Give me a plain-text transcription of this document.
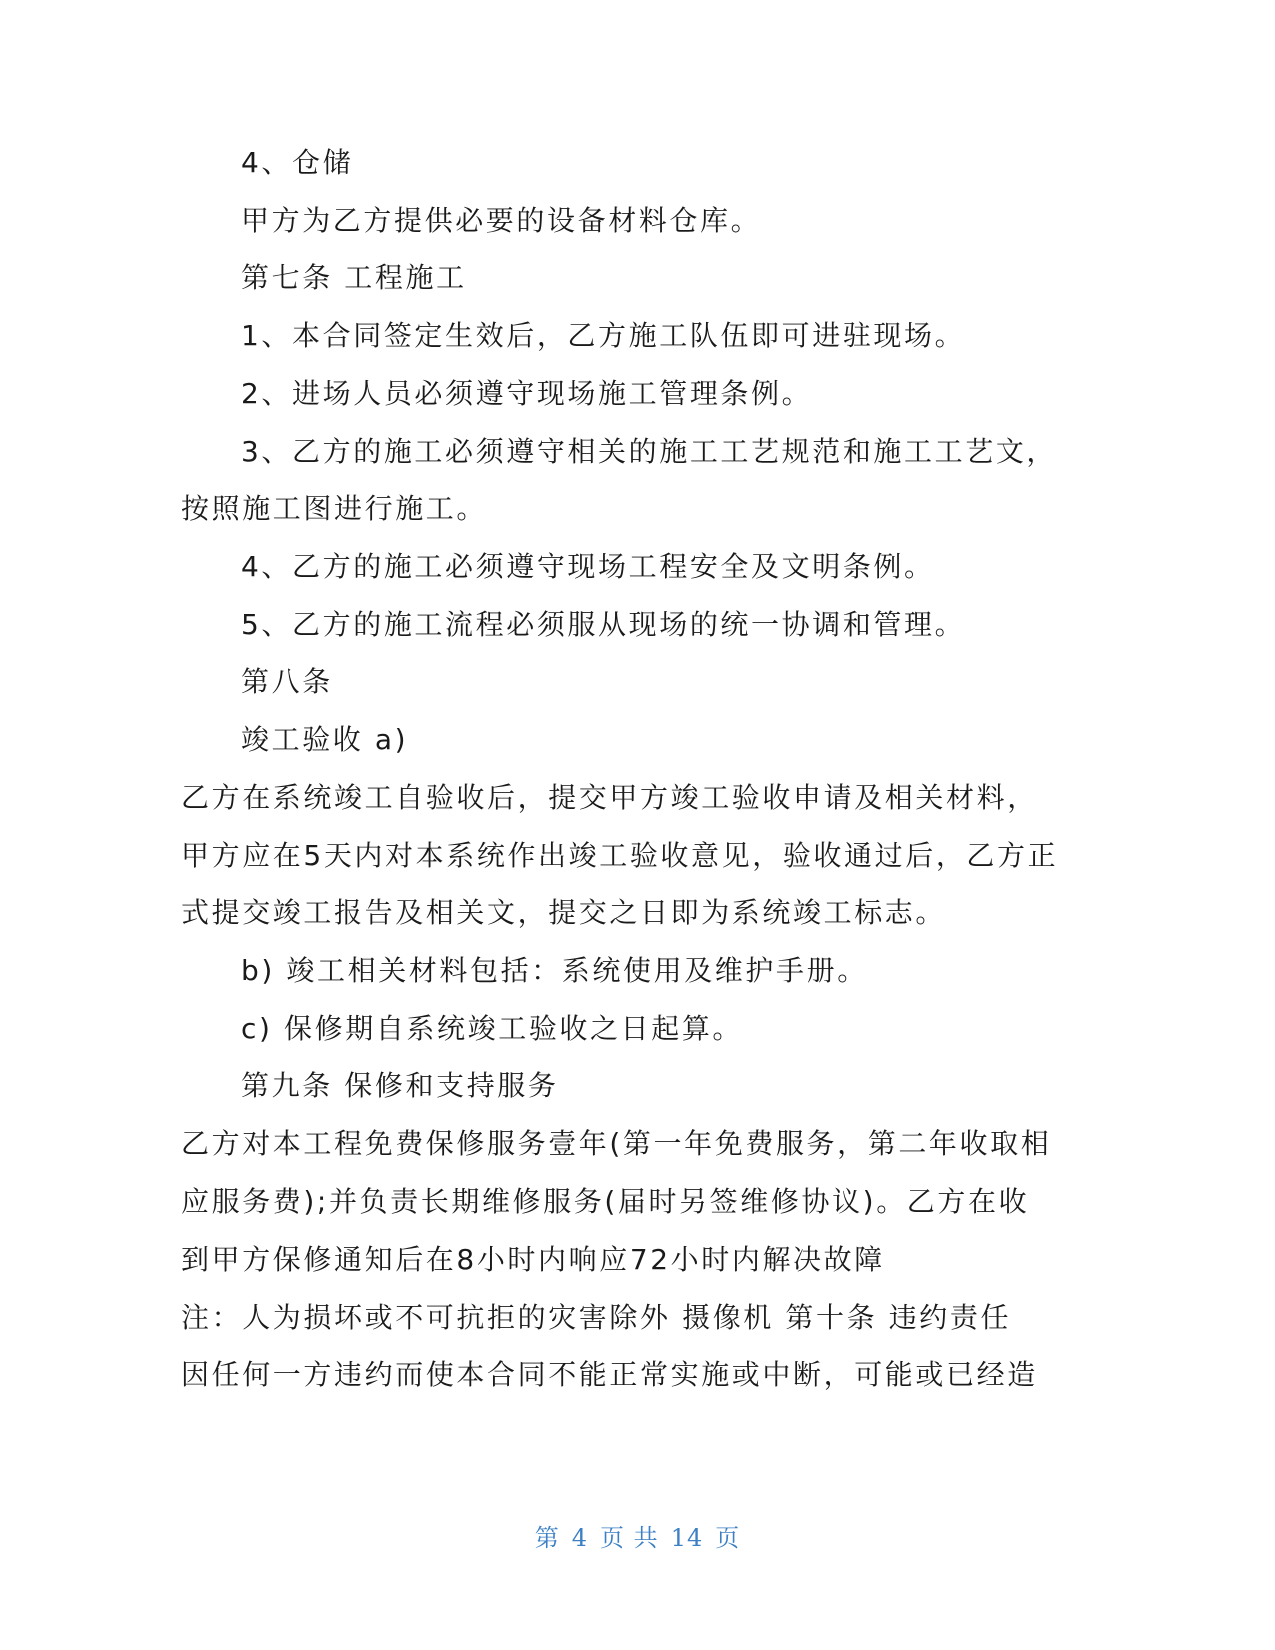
4、仓储
甲方为乙方提供必要的设备材料仓库。
第七条 工程施工
1、本合同签定生效后，乙方施工队伍即可进驻现场。
2、进场人员必须遵守现场施工管理条例。
3、乙方的施工必须遵守相关的施工工艺规范和施工工艺文，
按照施工图进行施工。
4、乙方的施工必须遵守现场工程安全及文明条例。
5、乙方的施工流程必须服从现场的统一协调和管理。
第八条
竣工验收 a)
乙方在系统竣工自验收后，提交甲方竣工验收申请及相关材料，
甲方应在5天内对本系统作出竣工验收意见，验收通过后，乙方正
式提交竣工报告及相关文，提交之日即为系统竣工标志。
b) 竣工相关材料包括：系统使用及维护手册。
c) 保修期自系统竣工验收之日起算。
第九条 保修和支持服务
乙方对本工程免费保修服务壹年(第一年免费服务，第二年收取相
应服务费);并负责长期维修服务(届时另签维修协议)。乙方在收
到甲方保修通知后在8小时内响应72小时内解决故障
注：人为损坏或不可抗拒的灾害除外 摄像机 第十条 违约责任
因任何一方违约而使本合同不能正常实施或中断，可能或已经造
第 4 页 共 14 页
